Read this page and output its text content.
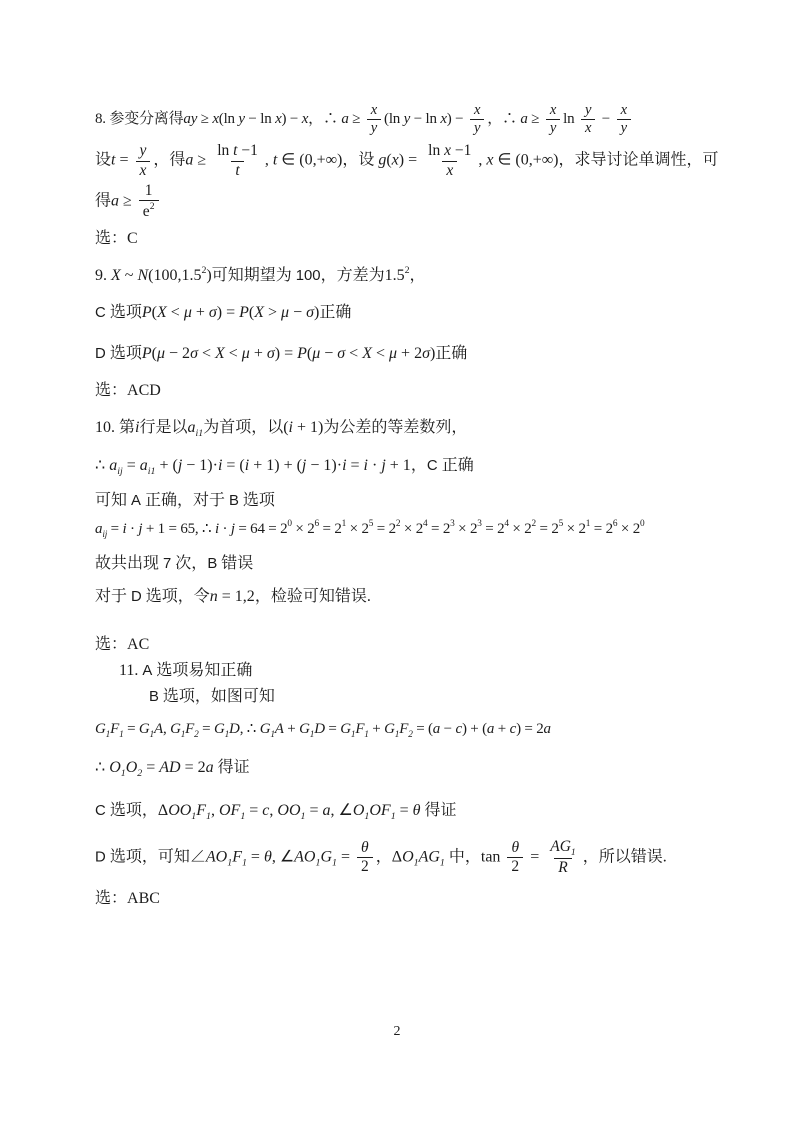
8. 参变分离得ay ≥ x(ln y − ln x) − x，∴ $a \ge \frac{x}{y} (\ln$ $y - \ln x) - \frac{x}{y}$ ，∴ $a \ge \frac{x}{y}$ $\ln \frac{y}{x} - \frac{x}{y}$
设$t = \frac{y}{x}$ ，得$a \ge \frac{\text{ln t −1}}{t}$ , t ∈ (0,+∞)，设 $g(x) = \frac{\text{ln x −1}}{x}$ , x ∈ (0,+∞)，求导讨论单调性，可
得$a \ge \frac{1}{e^2}$
选：C
9. X ~ N(100,1.5$^2$)可知期望为 100，方差为$1.5^2$，
C 选项P(X < μ + σ) = P(X > μ − σ)正确
D 选项P(μ − 2σ < X < μ + σ) = P(μ − σ < X < μ + 2σ)正确
选：ACD
10. 第i行是以$a_{i1}$为首项，以(i + 1)为公差的等差数列，
∴ $a_{ij} = a_{i1} + (j - 1)\cdot i = (i + 1) + (j - 1)\cdot i = i \cdot j + 1$，C 正确
可知 A 正确，对于 B 选项
$a_{ij} = i \cdot j + 1 = 65$, ∴ $i \cdot j = 64 = 2^0 \times 2^6 = 2^1 \times 2^5 = 2^2 \times 2^4 = 2^3 \times 2^3 = 2^4 \times 2^2 = 2^5 \times 2^1 = 2^6 \times 2^0$
故共出现 7 次，B 错误
对于 D 选项，令n = 1,2，检验可知错误.
选：AC
11. A 选项易知正确
B 选项，如图可知
$G_1F_1 = G_1A$, $G_1F_2 = G_1D$, ∴ $G_1A + G_1D = G_1F_1 + G_1F_2 = (a - c) + (a + c) = 2a$
∴ $O_1O_2$ = AD = 2a 得证
C 选项，$\Delta OO_1F_1$, $OF_1 = c$, $OO_1 = a$, $\angle O_1OF_1 = \theta$ 得证
D 选项，可知$\angle AO_1F_1 = \theta$, $\angle AO_1G_1 = \frac{\theta}{2}$ ，$\Delta O_1AG_1$ 中，$\tan \frac{\theta}{2} = \frac{AG_1}{R}$ ，所以错误.
选：ABC
2
